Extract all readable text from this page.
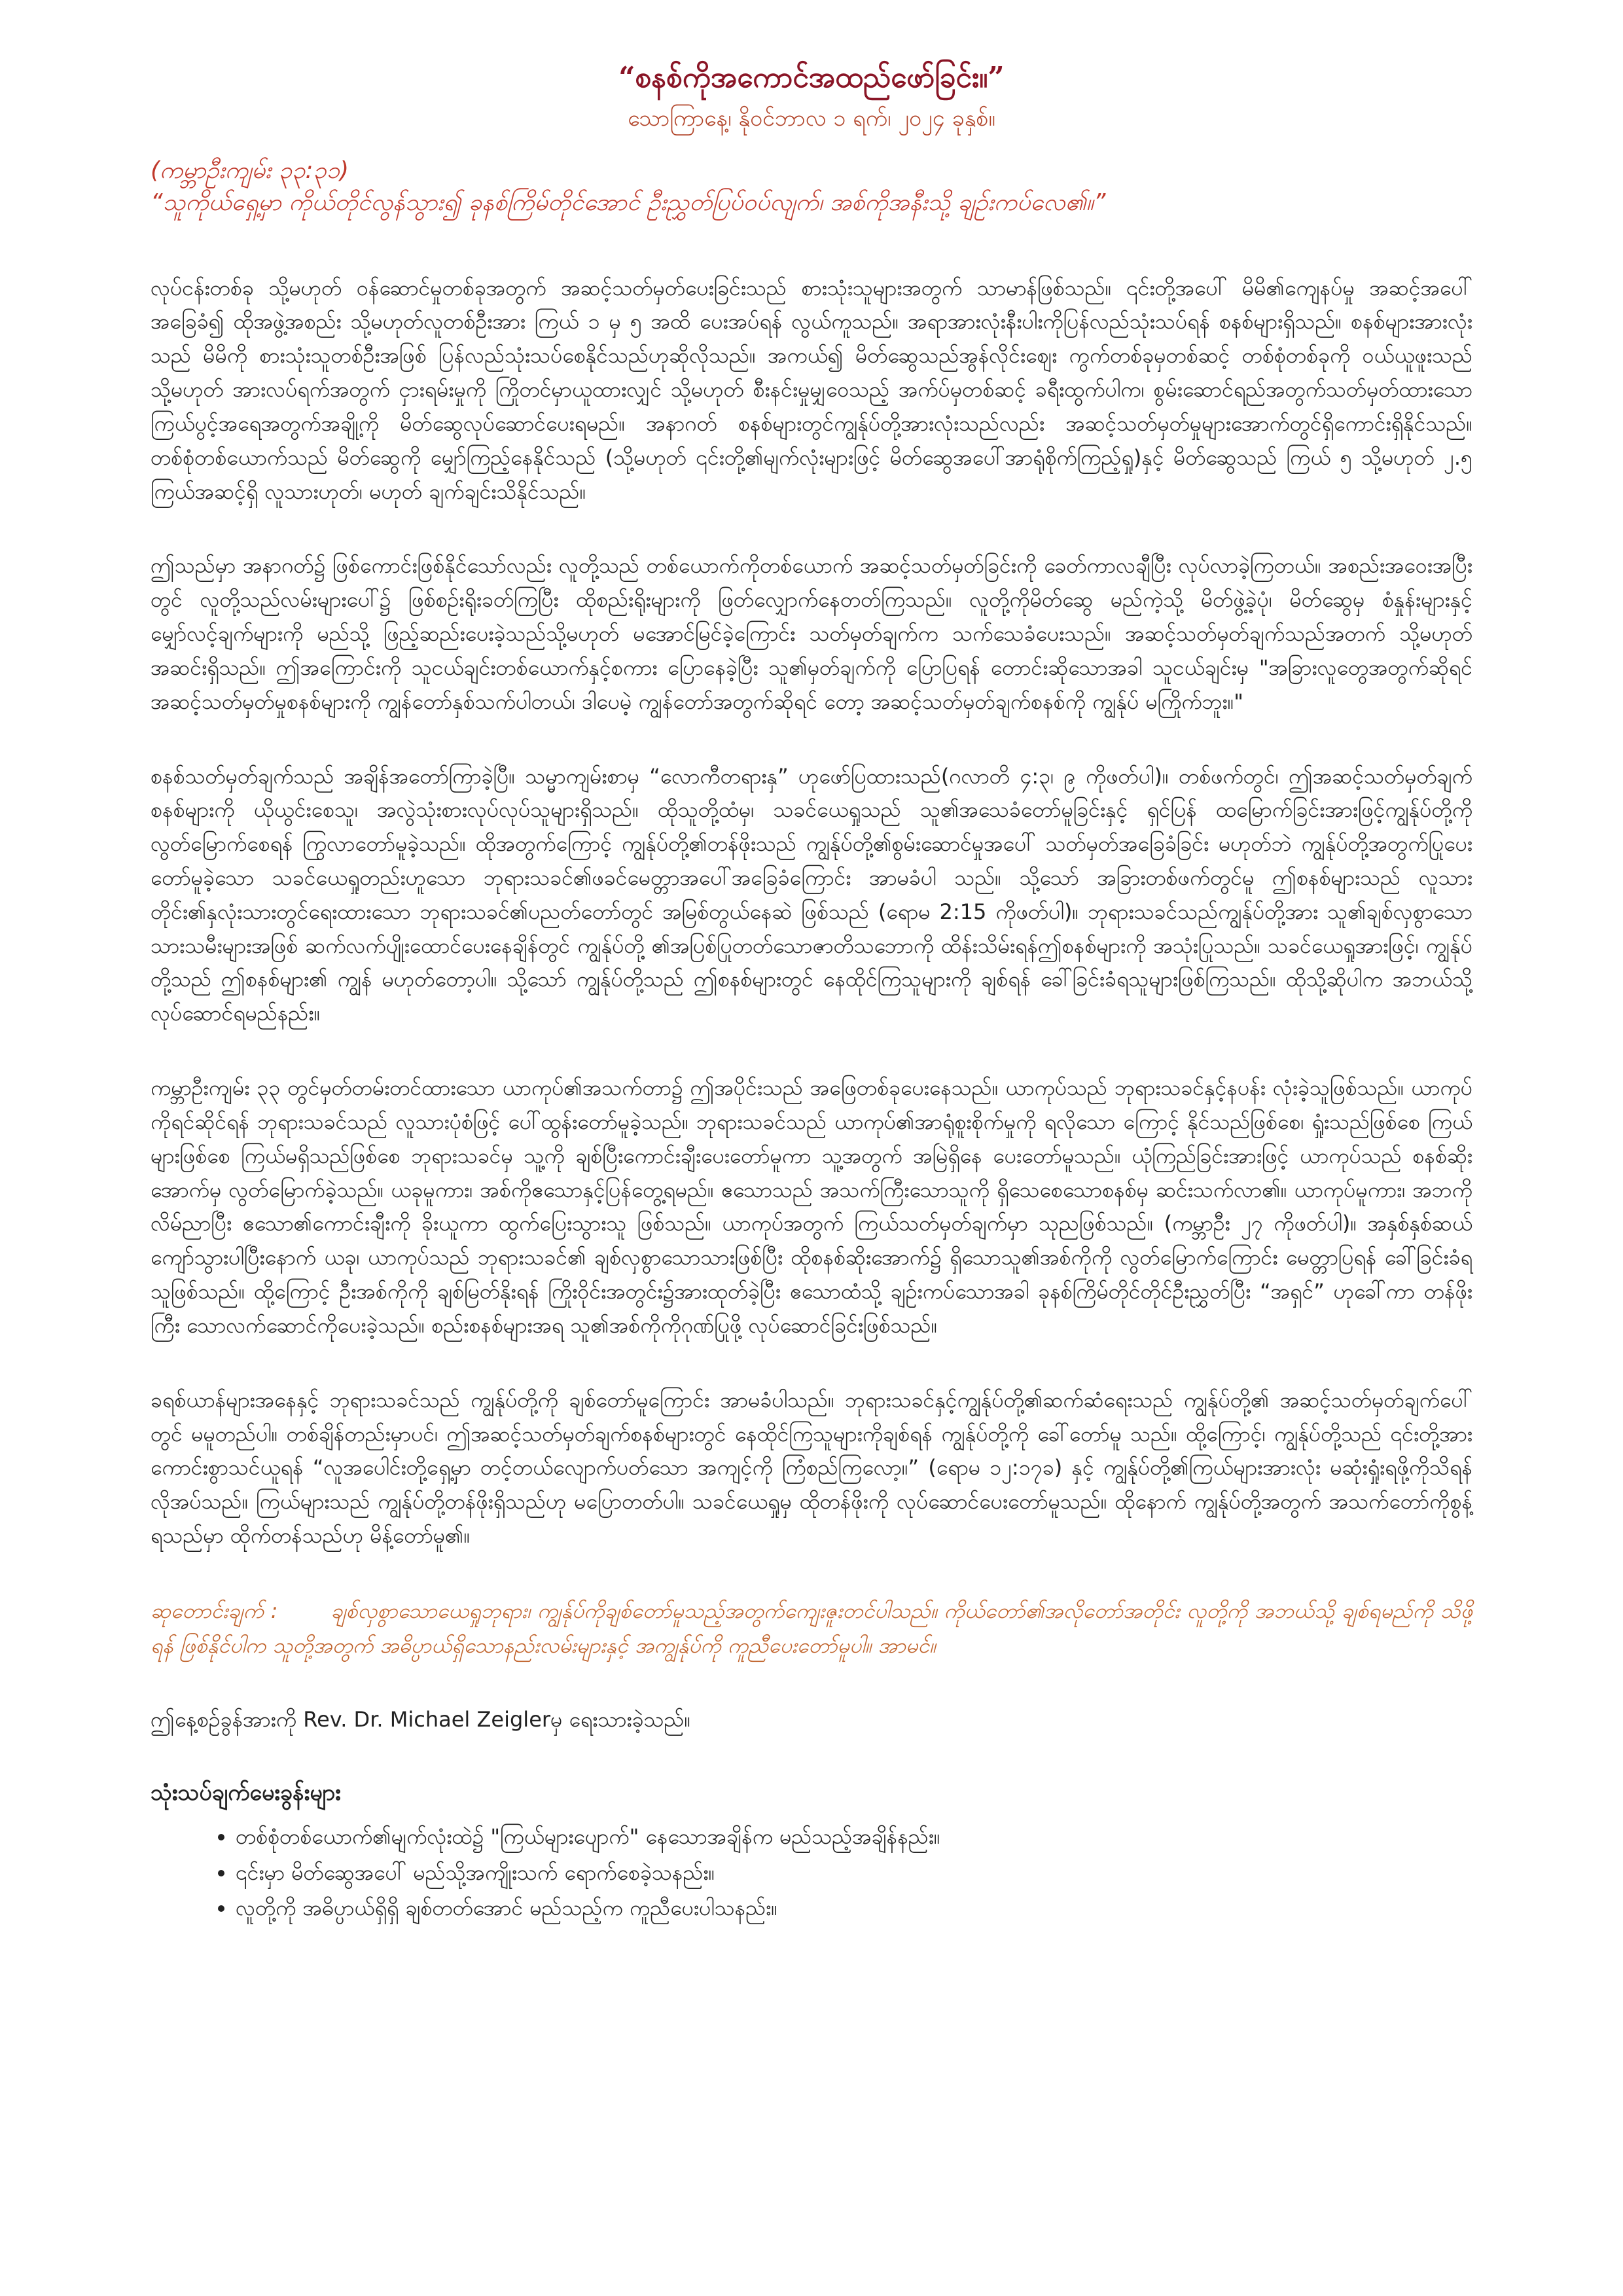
“စနစ်ကိုအကောင်အထည်ဖော်ခြင်း။”

သောကြာနေ့၊ နိုဝင်ဘာလ ၁ ရက်၊ ၂၀၂၄ ခုနှစ်။

(ကမ္ဘာဦးကျမ်း ၃၃:၃၁)

“သူကိုယ်ရှေ့မှာ ကိုယ်တိုင်လွန်သွား၍ ခုနစ်ကြိမ်တိုင်အောင် ဦးညွှတ်ပြပ်ဝပ်လျက်၊ အစ်ကိုအနီးသို့ ချဉ်းကပ်လေ၏။”

လုပ်ငန်းတစ်ခု သို့မဟုတ် ဝန်ဆောင်မှုတစ်ခုအတွက် အဆင့်သတ်မှတ်ပေးခြင်းသည် စားသုံးသူများအတွက် သာမာန်ဖြစ်သည်။ ၎င်းတို့အပေါ် မိမိ၏ကျေနပ်မှု အဆင့်အပေါ်အခြေခံ၍ ထိုအဖွဲ့အစည်း သို့မဟုတ်လူတစ်ဦးအား ကြယ် ၁ မှ ၅ အထိ ပေးအပ်ရန် လွယ်ကူသည်။ အရာအားလုံးနီးပါးကိုပြန်လည်သုံးသပ်ရန် စနစ်များရှိသည်။ စနစ်များအားလုံးသည် မိမိကို စားသုံးသူတစ်ဦးအဖြစ် ပြန်လည်သုံးသပ်စေနိုင်သည်ဟုဆိုလိုသည်။ အကယ်၍ မိတ်ဆွေသည်အွန်လိုင်းဈေး ကွက်တစ်ခုမှတစ်ဆင့် တစ်စုံတစ်ခုကို ဝယ်ယူဖူးသည် သို့မဟုတ် အားလပ်ရက်အတွက် ငှားရမ်းမှုကို ကြိုတင်မှာယူထားလျှင် သို့မဟုတ် စီးနင်းမှုမျှဝေသည့် အက်ပ်မှတစ်ဆင့် ခရီးထွက်ပါက၊ စွမ်းဆောင်ရည်အတွက်သတ်မှတ်ထားသော ကြယ်ပွင့်အရေအတွက်အချို့ကို မိတ်ဆွေလုပ်ဆောင်ပေးရမည်။ အနာဂတ် စနစ်များတွင်ကျွန်ုပ်တို့အားလုံးသည်လည်း အဆင့်သတ်မှတ်မှုများအောက်တွင်ရှိကောင်းရှိနိုင်သည်။ တစ်စုံတစ်ယောက်သည် မိတ်ဆွေကို မျှော်ကြည့်နေနိုင်သည် (သို့မဟုတ် ၎င်းတို့၏မျက်လုံးများဖြင့် မိတ်ဆွေအပေါ်အာရုံစိုက်ကြည့်ရှု)နှင့် မိတ်ဆွေသည် ကြယ် ၅ သို့မဟုတ် ၂.၅ ကြယ်အဆင့်ရှိ လူသားဟုတ်၊ မဟုတ် ချက်ချင်းသိနိုင်သည်။

ဤသည်မှာ အနာဂတ်၌ ဖြစ်ကောင်းဖြစ်နိုင်သော်လည်း လူတို့သည် တစ်ယောက်ကိုတစ်ယောက် အဆင့်သတ်မှတ်ခြင်းကို ခေတ်ကာလချီပြီး လုပ်လာခဲ့ကြတယ်။ အစည်းအဝေးအပြီးတွင် လူတို့သည်လမ်းများပေါ်၌ ဖြစ်စဉ်းရိုးခတ်ကြပြီး ထိုစည်းရိုးများကို ဖြတ်လျှောက်နေတတ်ကြသည်။ လူတို့ကိုမိတ်ဆွေ မည်ကဲ့သို့ မိတ်ဖွဲ့ခဲ့ပုံ၊ မိတ်ဆွေမှ စံနှုန်းများနှင့် မျှော်လင့်ချက်များကို မည်သို့ ဖြည့်ဆည်းပေးခဲ့သည်သို့မဟုတ် မအောင်မြင်ခဲ့ကြောင်း သတ်မှတ်ချက်က သက်သေခံပေးသည်။ အဆင့်သတ်မှတ်ချက်သည်အတက် သို့မဟုတ် အဆင်းရှိသည်။ ဤအကြောင်းကို သူငယ်ချင်းတစ်ယောက်နှင့်စကား ပြောနေခဲ့ပြီး သူ၏မှတ်ချက်ကို ပြောပြရန် တောင်းဆိုသောအခါ သူငယ်ချင်းမှ "အခြားလူတွေအတွက်ဆိုရင် အဆင့်သတ်မှတ်မှုစနစ်များကို ကျွန်တော်နှစ်သက်ပါတယ်၊ ဒါပေမဲ့ ကျွန်တော်အတွက်ဆိုရင် တော့ အဆင့်သတ်မှတ်ချက်စနစ်ကို ကျွန်ုပ် မကြိုက်ဘူး။"

စနစ်သတ်မှတ်ချက်သည် အချိန်အတော်ကြာခဲ့ပြီ။ သမ္မာကျမ်းစာမှ “လောကီတရားနှ” ဟုဖော်ပြထားသည်(ဂလာတိ ၄:၃၊ ၉ ကိုဖတ်ပါ)။ တစ်ဖက်တွင်၊ ဤအဆင့်သတ်မှတ်ချက်စနစ်များကို ယိုယွင်းစေသူ၊ အလွဲသုံးစားလုပ်လုပ်သူများရှိသည်။ ထိုသူတို့ထံမှ၊ သခင်ယေရှုသည် သူ၏အသေခံတော်မူခြင်းနှင့် ရှင်ပြန် ထမြောက်ခြင်းအားဖြင့်ကျွန်ုပ်တို့ကို လွတ်မြောက်စေရန် ကြွလာတော်မူခဲ့သည်။ ထိုအတွက်ကြောင့် ကျွန်ုပ်တို့၏တန်ဖိုးသည် ကျွန်ုပ်တို့၏စွမ်းဆောင်မှုအပေါ် သတ်မှတ်အခြေခံခြင်း မဟုတ်ဘဲ ကျွန်ုပ်တို့အတွက်ပြုပေးတော်မူခဲ့သော သခင်ယေရှုတည်းဟူသော ဘုရားသခင်၏ဖခင်မေတ္တာအပေါ်အခြေခံကြောင်း အာမခံပါ သည်။ သို့သော် အခြားတစ်ဖက်တွင်မူ ဤစနစ်များသည် လူသားတိုင်း၏နှလုံးသားတွင်ရေးထားသော ဘုရားသခင်၏ပညတ်တော်တွင် အမြစ်တွယ်နေဆဲ ဖြစ်သည် (ရောမ 2:15 ကိုဖတ်ပါ)။ ဘုရားသခင်သည်ကျွန်ုပ်တို့အား သူ၏ချစ်လှစွာသော သားသမီးများအဖြစ် ဆက်လက်ပျိုးထောင်ပေးနေချိန်တွင် ကျွန်ုပ်တို့ ၏အပြစ်ပြုတတ်သောဇာတိသဘောကို ထိန်းသိမ်းရန်ဤစနစ်များကို အသုံးပြုသည်။ သခင်ယေရှုအားဖြင့်၊ ကျွန်ုပ်တို့သည် ဤစနစ်များ၏ ကျွန် မဟုတ်တော့ပါ။ သို့သော် ကျွန်ုပ်တို့သည် ဤစနစ်များတွင် နေထိုင်ကြသူများကို ချစ်ရန် ခေါ်ခြင်းခံရသူများဖြစ်ကြသည်။ ထိုသို့ဆိုပါက အဘယ်သို့ လုပ်ဆောင်ရမည်နည်း။

ကမ္ဘာဦးကျမ်း ၃၃ တွင်မှတ်တမ်းတင်ထားသော ယာကုပ်၏အသက်တာ၌ ဤအပိုင်းသည် အဖြေတစ်ခုပေးနေသည်။ ယာကုပ်သည် ဘုရားသခင်နှင့်နပန်း လုံးခဲ့သူဖြစ်သည်။ ယာကုပ်ကိုရင်ဆိုင်ရန် ဘုရားသခင်သည် လူသားပုံစံဖြင့် ပေါ်ထွန်းတော်မူခဲ့သည်။ ဘုရားသခင်သည် ယာကုပ်၏အာရုံစူးစိုက်မှုကို ရလိုသော ကြောင့် နိုင်သည်ဖြစ်စေ၊ ရှုံးသည်ဖြစ်စေ ကြယ်များဖြစ်စေ ကြယ်မရှိသည်ဖြစ်စေ ဘုရားသခင်မှ သူ့ကို ချစ်ပြီးကောင်းချီးပေးတော်မူကာ သူ့အတွက် အမြဲရှိနေ ပေးတော်မူသည်။ ယုံကြည်ခြင်းအားဖြင့် ယာကုပ်သည် စနစ်ဆိုးအောက်မှ လွတ်မြောက်ခဲ့သည်။ ယခုမူကား၊ အစ်ကိုဧသောနှင့်ပြန်တွေ့ရမည်။ ဧသောသည် အသက်ကြီးသောသူကို ရှိသေစေသောစနစ်မှ ဆင်းသက်လာ၏။ ယာကုပ်မူကား၊ အဘကိုလိမ်ညာပြီး ဧသော၏ကောင်းချီးကို ခိုးယူကာ ထွက်ပြေးသွားသူ ဖြစ်သည်။ ယာကုပ်အတွက် ကြယ်သတ်မှတ်ချက်မှာ သုညဖြစ်သည်။ (ကမ္ဘာဦး ၂၇ ကိုဖတ်ပါ)။ အနှစ်နှစ်ဆယ်ကျော်သွားပါပြီးနောက် ယခု၊ ယာကုပ်သည် ဘုရားသခင်၏ ချစ်လှစွာသောသားဖြစ်ပြီး ထိုစနစ်ဆိုးအောက်၌ ရှိသောသူ၏အစ်ကိုကို လွတ်မြောက်ကြောင်း မေတ္တာပြရန် ခေါ်ခြင်းခံရသူဖြစ်သည်။ ထို့ကြောင့် ဦးအစ်ကိုကို ချစ်မြတ်နိုးရန် ကြိုးဝိုင်းအတွင်း၌အားထုတ်ခဲ့ပြီး ဧသောထံသို့ ချဉ်းကပ်သောအခါ ခုနစ်ကြိမ်တိုင်တိုင်ဦးညွှတ်ပြီး “အရှင်” ဟုခေါ်ကာ တန်ဖိုးကြီး သောလက်ဆောင်ကိုပေးခဲ့သည်။ စည်းစနစ်များအရ သူ၏အစ်ကိုကိုဂုဏ်ပြုဖို့ လုပ်ဆောင်ခြင်းဖြစ်သည်။

ခရစ်ယာန်များအနေနှင့် ဘုရားသခင်သည် ကျွန်ုပ်တို့ကို ချစ်တော်မူကြောင်း အာမခံပါသည်။ ဘုရားသခင်နှင့်ကျွန်ုပ်တို့၏ဆက်ဆံရေးသည် ကျွန်ုပ်တို့၏ အဆင့်သတ်မှတ်ချက်ပေါ်တွင် မမူတည်ပါ။ တစ်ချိန်တည်းမှာပင်၊ ဤအဆင့်သတ်မှတ်ချက်စနစ်များတွင် နေထိုင်ကြသူများကိုချစ်ရန် ကျွန်ုပ်တို့ကို ခေါ်တော်မူ သည်။ ထို့ကြောင့်၊ ကျွန်ုပ်တို့သည် ၎င်းတို့အား ကောင်းစွာသင်ယူရန် “လူအပေါင်းတို့ရှေ့မှာ တင့်တယ်လျောက်ပတ်သော အကျင့်ကို ကြံစည်ကြလော့။” (ရောမ ၁၂:၁၇ခ) နှင့် ကျွန်ုပ်တို့၏ကြယ်များအားလုံး မဆုံးရှုံးရဖို့ကိုသိရန် လိုအပ်သည်။ ကြယ်များသည် ကျွန်ုပ်တို့တန်ဖိုးရှိသည်ဟု မပြောတတ်ပါ။ သခင်ယေရှုမှ ထိုတန်ဖိုးကို လုပ်ဆောင်ပေးတော်မူသည်။ ထိုနောက် ကျွန်ုပ်တို့အတွက် အသက်တော်ကိုစွန့်ရသည်မှာ ထိုက်တန်သည်ဟု မိန့်တော်မူ၏။

ဆုတောင်းချက် :	ချစ်လှစွာသောယေရှုဘုရား၊ ကျွန်ုပ်ကိုချစ်တော်မူသည့်အတွက်ကျေးဇူးတင်ပါသည်။ ကိုယ်တော်၏အလိုတော်အတိုင်း လူတို့ကို အဘယ်သို့ ချစ်ရမည်ကို သိဖို့ရန် ဖြစ်နိုင်ပါက သူတို့အတွက် အဓိပ္ပာယ်ရှိသောနည်းလမ်းများနှင့် အကျွန်ုပ်ကို ကူညီပေးတော်မူပါ။ အာမင်။

ဤနေ့စဉ်ခွန်အားကို Rev. Dr. Michael Zeiglerမှ ရေးသားခဲ့သည်။

သုံးသပ်ချက်မေးခွန်းများ

• တစ်စုံတစ်ယောက်၏မျက်လုံးထဲ၌ "ကြယ်များပျောက်" နေသောအချိန်က မည်သည့်အချိန်နည်း။
• ၎င်းမှာ မိတ်ဆွေအပေါ် မည်သို့အကျိုးသက် ရောက်စေခဲ့သနည်း။
• လူတို့ကို အဓိပ္ပာယ်ရှိရှိ ချစ်တတ်အောင် မည်သည့်က ကူညီပေးပါသနည်း။
